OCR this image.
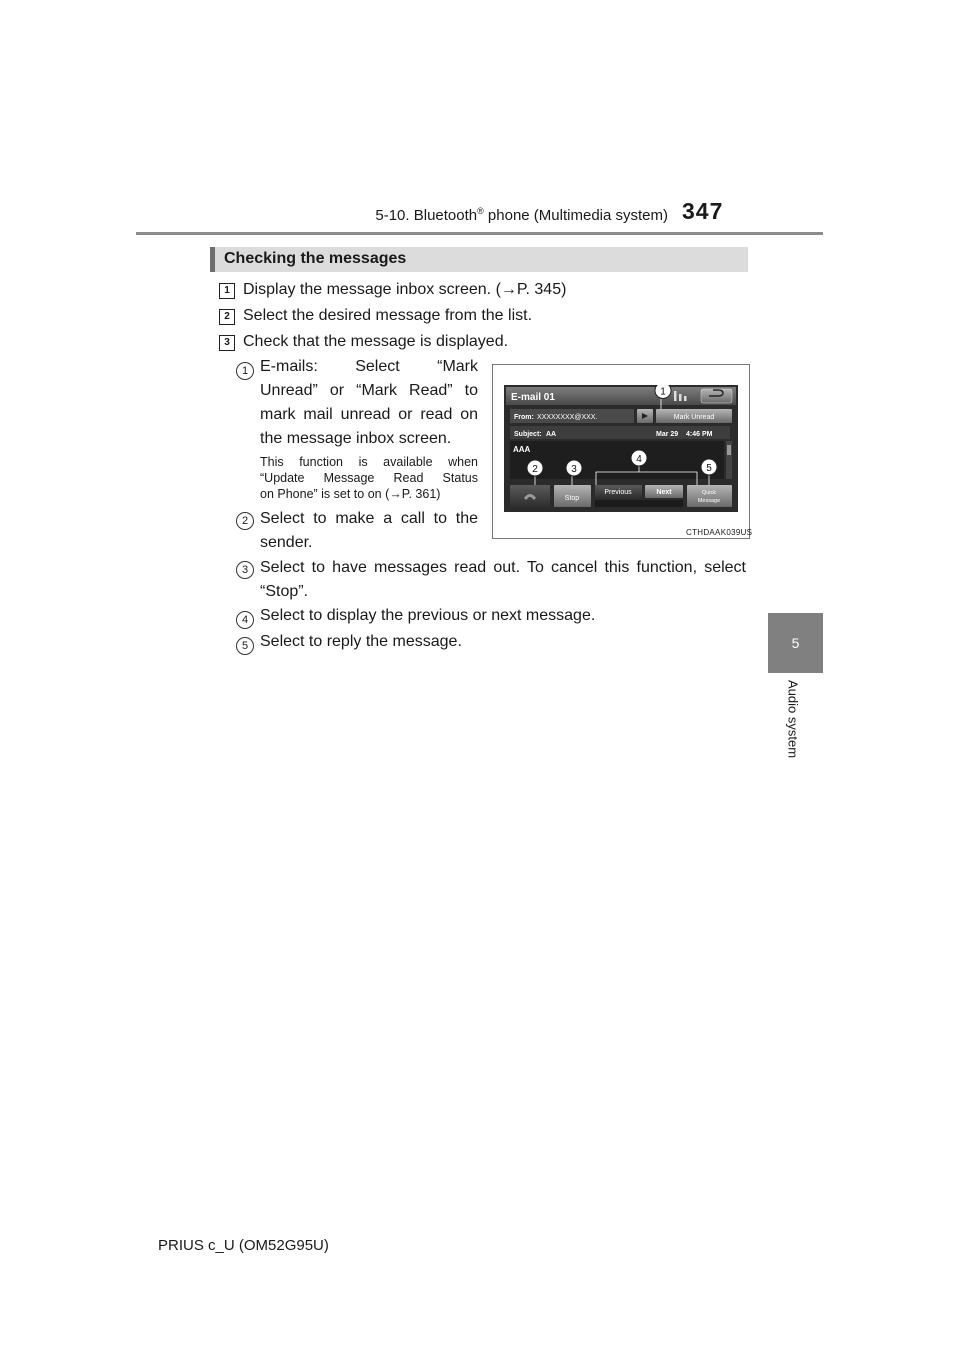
5-10. Bluetooth® phone (Multimedia system) 347
5
Audio system
Checking the messages
1 Display the message inbox screen. (→P. 345)
2 Select the desired message from the list.
3 Check that the message is displayed.
1 E-mails: Select “Mark
Unread” or “Mark Read” to
mark mail unread or read on
the message inbox screen.
This function is available when
“Update Message Read Status
on Phone” is set to on (→P. 361)
2 Select to make a call to the
sender.
3 Select to have messages read out. To cancel this function, select
“Stop”.
4 Select to display the previous or next message.
5 Select to reply the message.
CTHDAAK039US
E-mail 01
From: XXXXXXXX@XXX.	Mark Unread
Subject: AA	Mar 29 4:46 PM
AAA
Stop
Previous	Next	Quick
Message
1
2	3
4
5
PRIUS c_U (OM52G95U)
